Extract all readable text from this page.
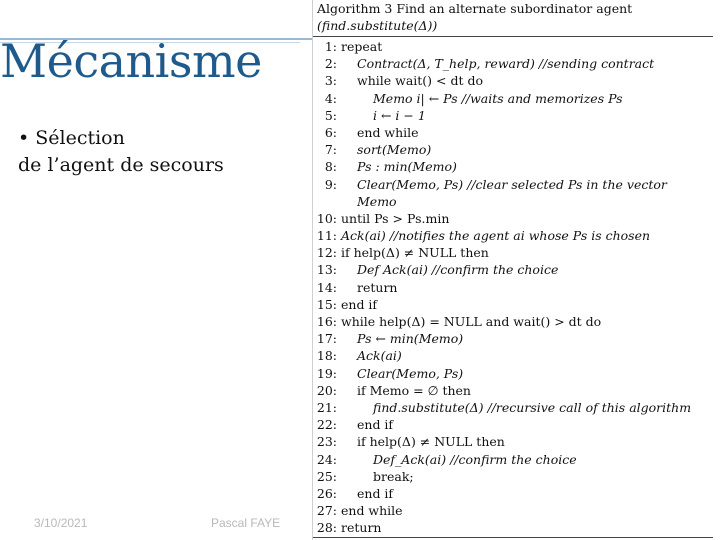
Mécanisme
• Sélection
de l’agent de secours
3/10/2021	Pascal FAYE
Algorithm 3 Find an alternate subordinator agent
(find.substitute(Δ))
1: repeat
2: Contract(Δ, T_help, reward) //sending contract
3: while wait() < dt do
4:	Memo i| ← Ps //waits and memorizes Ps
5:	i ← i − 1
6: end while
7: sort(Memo)
8: Ps : min(Memo)
9: Clear(Memo, Ps) //clear selected Ps in the vector
Memo
10: until Ps > Ps.min
11: Ack(ai) //notifies the agent ai whose Ps is chosen
12: if help(Δ) ≠ NULL then
13: Def Ack(ai) //confirm the choice
14: return
15: end if
16: while help(Δ) = NULL and wait() > dt do
17: Ps ← min(Memo)
18: Ack(ai)
19: Clear(Memo, Ps)
20: if Memo = ∅ then
21:	find.substitute(Δ) //recursive call of this algorithm
22: end if
23: if help(Δ) ≠ NULL then
24:	Def_Ack(ai) //confirm the choice
25:	break;
26: end if
27: end while
28: return
